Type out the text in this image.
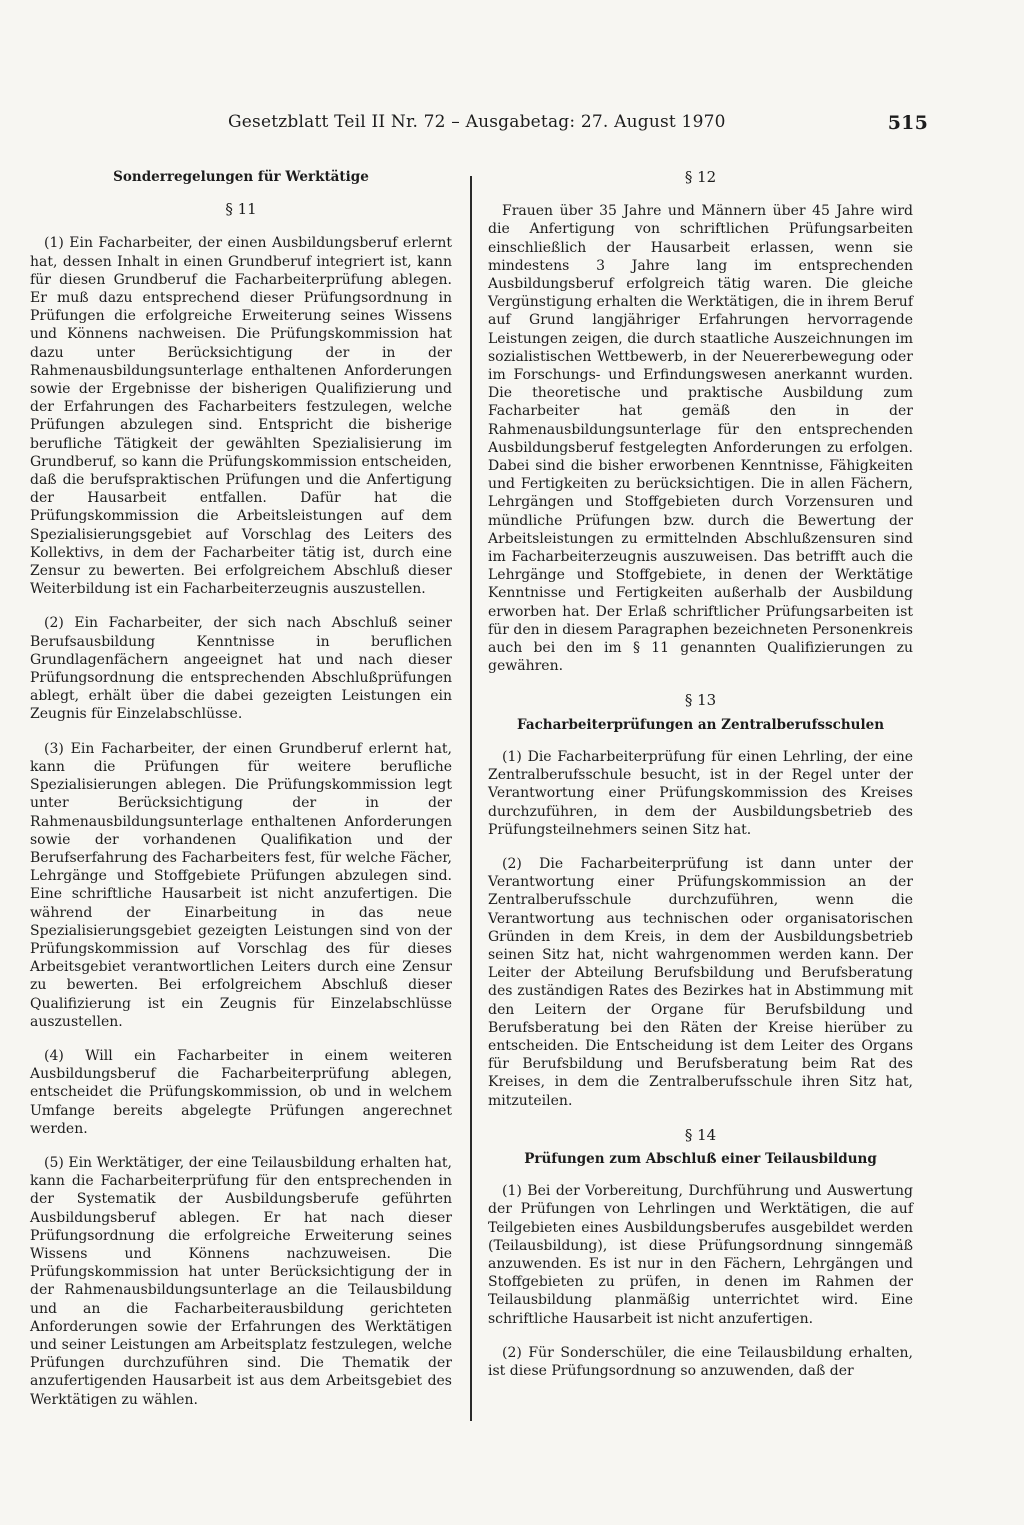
Gesetzblatt Teil II Nr. 72 – Ausgabetag: 27. August 1970	515
Sonderregelungen für Werktätige
§ 11

(1) Ein Facharbeiter, der einen Ausbildungsberuf erlernt hat, dessen Inhalt in einen Grundberuf integriert ist, kann für diesen Grundberuf die Facharbeiterprüfung ablegen. Er muß dazu entsprechend dieser Prüfungsordnung in Prüfungen die erfolgreiche Erweiterung seines Wissens und Könnens nachweisen. Die Prüfungskommission hat dazu unter Berücksichtigung der in der Rahmenausbildungsunterlage enthaltenen Anforderungen sowie der Ergebnisse der bisherigen Qualifizierung und der Erfahrungen des Facharbeiters festzulegen, welche Prüfungen abzulegen sind. Entspricht die bisherige berufliche Tätigkeit der gewählten Spezialisierung im Grundberuf, so kann die Prüfungskommission entscheiden, daß die berufspraktischen Prüfungen und die Anfertigung der Hausarbeit entfallen. Dafür hat die Prüfungskommission die Arbeitsleistungen auf dem Spezialisierungsgebiet auf Vorschlag des Leiters des Kollektivs, in dem der Facharbeiter tätig ist, durch eine Zensur zu bewerten. Bei erfolgreichem Abschluß dieser Weiterbildung ist ein Facharbeiterzeugnis auszustellen.

(2) Ein Facharbeiter, der sich nach Abschluß seiner Berufsausbildung Kenntnisse in beruflichen Grundlagenfächern angeeignet hat und nach dieser Prüfungsordnung die entsprechenden Abschlußprüfungen ablegt, erhält über die dabei gezeigten Leistungen ein Zeugnis für Einzelabschlüsse.

(3) Ein Facharbeiter, der einen Grundberuf erlernt hat, kann die Prüfungen für weitere berufliche Spezialisierungen ablegen. Die Prüfungskommission legt unter Berücksichtigung der in der Rahmenausbildungsunterlage enthaltenen Anforderungen sowie der vorhandenen Qualifikation und der Berufserfahrung des Facharbeiters fest, für welche Fächer, Lehrgänge und Stoffgebiete Prüfungen abzulegen sind. Eine schriftliche Hausarbeit ist nicht anzufertigen. Die während der Einarbeitung in das neue Spezialisierungsgebiet gezeigten Leistungen sind von der Prüfungskommission auf Vorschlag des für dieses Arbeitsgebiet verantwortlichen Leiters durch eine Zensur zu bewerten. Bei erfolgreichem Abschluß dieser Qualifizierung ist ein Zeugnis für Einzelabschlüsse auszustellen.

(4) Will ein Facharbeiter in einem weiteren Ausbildungsberuf die Facharbeiterprüfung ablegen, entscheidet die Prüfungskommission, ob und in welchem Umfange bereits abgelegte Prüfungen angerechnet werden.

(5) Ein Werktätiger, der eine Teilausbildung erhalten hat, kann die Facharbeiterprüfung für den entsprechenden in der Systematik der Ausbildungsberufe geführten Ausbildungsberuf ablegen. Er hat nach dieser Prüfungsordnung die erfolgreiche Erweiterung seines Wissens und Könnens nachzuweisen. Die Prüfungskommission hat unter Berücksichtigung der in der Rahmenausbildungsunterlage an die Teilausbildung und an die Facharbeiterausbildung gerichteten Anforderungen sowie der Erfahrungen des Werktätigen und seiner Leistungen am Arbeitsplatz festzulegen, welche Prüfungen durchzuführen sind. Die Thematik der anzufertigenden Hausarbeit ist aus dem Arbeitsgebiet des Werktätigen zu wählen.

§ 12

Frauen über 35 Jahre und Männern über 45 Jahre wird die Anfertigung von schriftlichen Prüfungsarbeiten einschließlich der Hausarbeit erlassen, wenn sie mindestens 3 Jahre lang im entsprechenden Ausbildungsberuf erfolgreich tätig waren. Die gleiche Vergünstigung erhalten die Werktätigen, die in ihrem Beruf auf Grund langjähriger Erfahrungen hervorragende Leistungen zeigen, die durch staatliche Auszeichnungen im sozialistischen Wettbewerb, in der Neuererbewegung oder im Forschungs- und Erfindungswesen anerkannt wurden. Die theoretische und praktische Ausbildung zum Facharbeiter hat gemäß den in der Rahmenausbildungsunterlage für den entsprechenden Ausbildungsberuf festgelegten Anforderungen zu erfolgen. Dabei sind die bisher erworbenen Kenntnisse, Fähigkeiten und Fertigkeiten zu berücksichtigen. Die in allen Fächern, Lehrgängen und Stoffgebieten durch Vorzensuren und mündliche Prüfungen bzw. durch die Bewertung der Arbeitsleistungen zu ermittelnden Abschlußzensuren sind im Facharbeiterzeugnis auszuweisen. Das betrifft auch die Lehrgänge und Stoffgebiete, in denen der Werktätige Kenntnisse und Fertigkeiten außerhalb der Ausbildung erworben hat. Der Erlaß schriftlicher Prüfungsarbeiten ist für den in diesem Paragraphen bezeichneten Personenkreis auch bei den im § 11 genannten Qualifizierungen zu gewähren.

§ 13
Facharbeiterprüfungen an Zentralberufsschulen

(1) Die Facharbeiterprüfung für einen Lehrling, der eine Zentralberufsschule besucht, ist in der Regel unter der Verantwortung einer Prüfungskommission des Kreises durchzuführen, in dem der Ausbildungsbetrieb des Prüfungsteilnehmers seinen Sitz hat.

(2) Die Facharbeiterprüfung ist dann unter der Verantwortung einer Prüfungskommission an der Zentralberufsschule durchzuführen, wenn die Verantwortung aus technischen oder organisatorischen Gründen in dem Kreis, in dem der Ausbildungsbetrieb seinen Sitz hat, nicht wahrgenommen werden kann. Der Leiter der Abteilung Berufsbildung und Berufsberatung des zuständigen Rates des Bezirkes hat in Abstimmung mit den Leitern der Organe für Berufsbildung und Berufsberatung bei den Räten der Kreise hierüber zu entscheiden. Die Entscheidung ist dem Leiter des Organs für Berufsbildung und Berufsberatung beim Rat des Kreises, in dem die Zentralberufsschule ihren Sitz hat, mitzuteilen.

§ 14
Prüfungen zum Abschluß einer Teilausbildung

(1) Bei der Vorbereitung, Durchführung und Auswertung der Prüfungen von Lehrlingen und Werktätigen, die auf Teilgebieten eines Ausbildungsberufes ausgebildet werden (Teilausbildung), ist diese Prüfungsordnung sinngemäß anzuwenden. Es ist nur in den Fächern, Lehrgängen und Stoffgebieten zu prüfen, in denen im Rahmen der Teilausbildung planmäßig unterrichtet wird. Eine schriftliche Hausarbeit ist nicht anzufertigen.

(2) Für Sonderschüler, die eine Teilausbildung erhalten, ist diese Prüfungsordnung so anzuwenden, daß der
